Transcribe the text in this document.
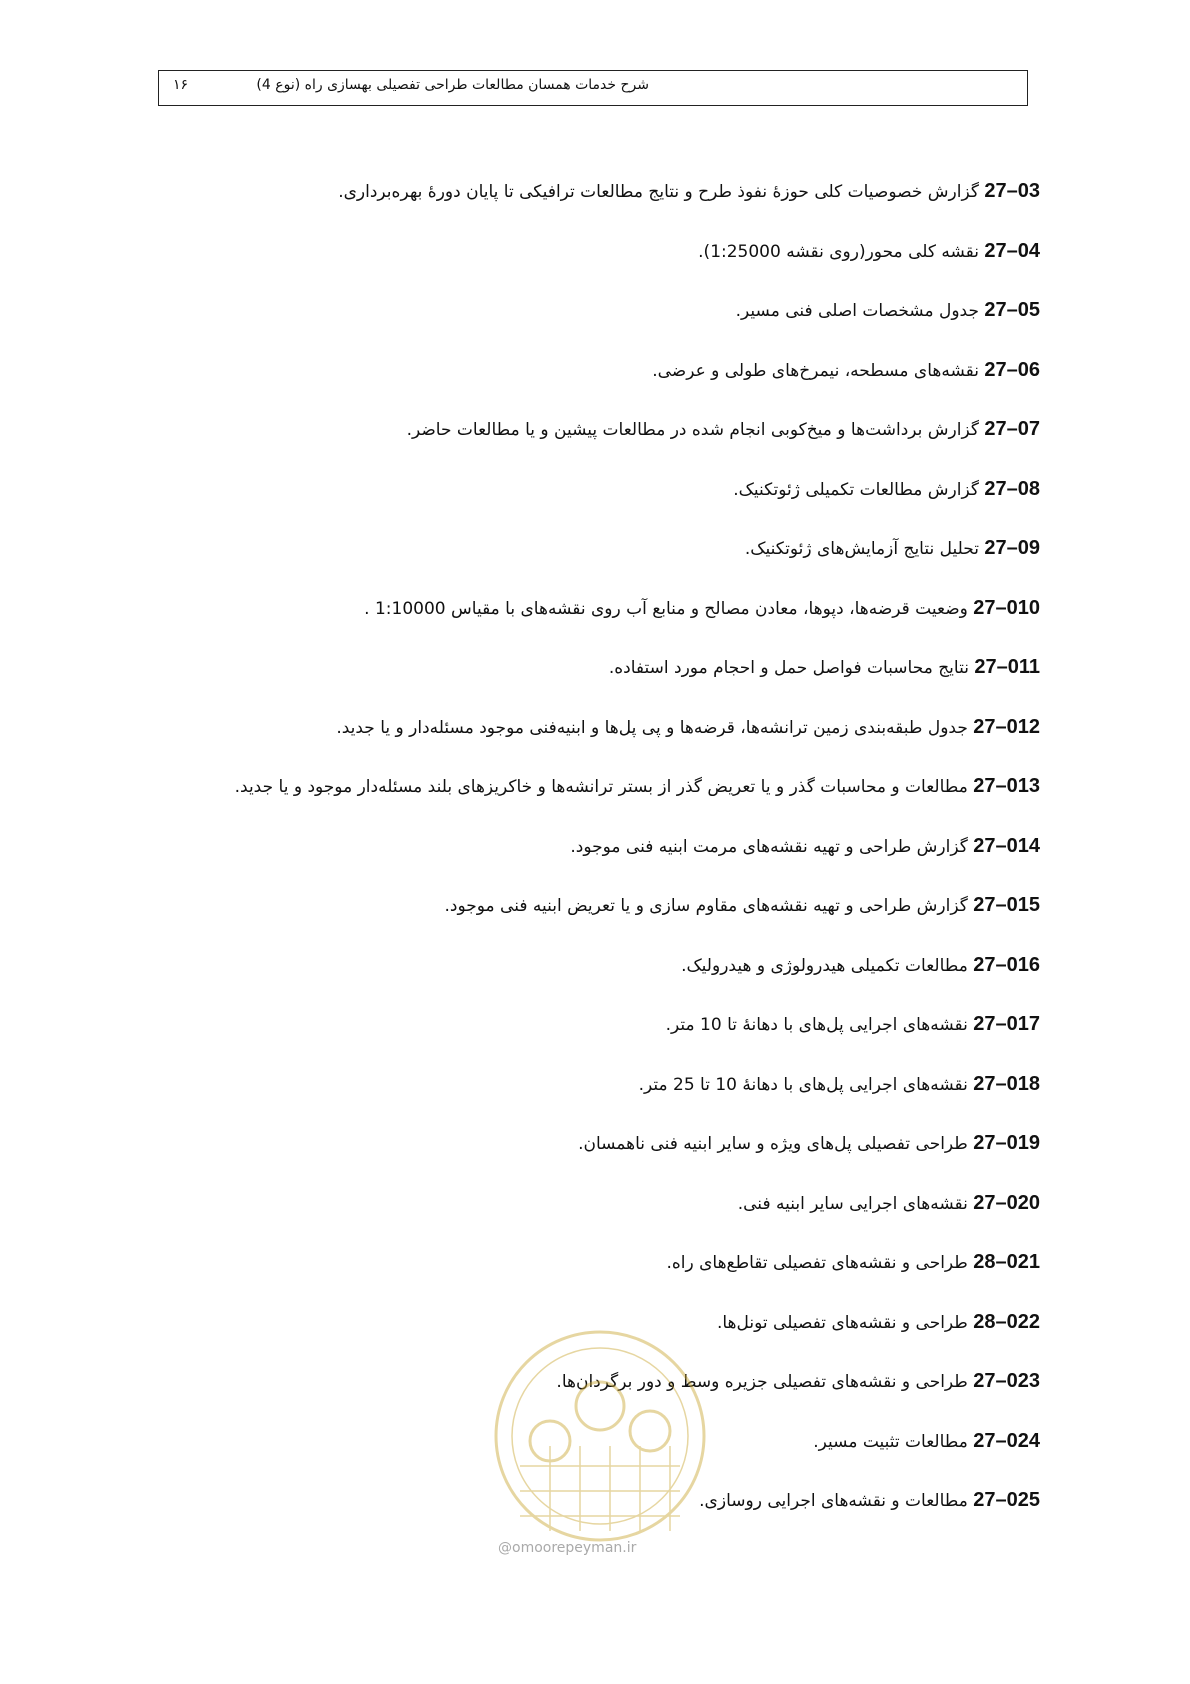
شرح خدمات همسان مطالعات طراحی تفصیلی بهسازی راه (نوع 4)
۱۶
27–03 گزارش خصوصیات کلی حوزهٔ نفوذ طرح و نتایج مطالعات ترافیکی تا پایان دورهٔ بهره‌برداری.
27–04 نقشه کلی محور(روی نقشه 1:25000).
27–05 جدول مشخصات اصلی فنی مسیر.
27–06 نقشه‌های مسطحه، نیمرخ‌های طولی و عرضی.
27–07 گزارش برداشت‌ها و میخ‌کوبی انجام شده در مطالعات پیشین و یا مطالعات حاضر.
27–08 گزارش مطالعات تکمیلی ژئوتکنیک.
27–09 تحلیل نتایج آزمایش‌های ژئوتکنیک.
27–010 وضعیت قرضه‌ها، دپوها، معادن مصالح و منابع آب روی نقشه‌های با مقیاس 1:10000 .
27–011 نتایج محاسبات فواصل حمل و احجام مورد استفاده.
27–012 جدول طبقه‌بندی زمین ترانشه‌ها، قرضه‌ها و پی پل‌ها و ابنیه‌فنی موجود مسئله‌دار و یا جدید.
27–013 مطالعات و محاسبات گذر و یا تعریض گذر از بستر ترانشه‌ها و خاکریزهای بلند مسئله‌دار موجود و یا جدید.
27–014 گزارش طراحی و تهیه نقشه‌های مرمت ابنیه فنی موجود.
27–015 گزارش طراحی و تهیه نقشه‌های مقاوم سازی و یا تعریض ابنیه فنی موجود.
27–016 مطالعات تکمیلی هیدرولوژی و هیدرولیک.
27–017 نقشه‌های اجرایی پل‌های با دهانهٔ تا 10 متر.
27–018 نقشه‌های اجرایی پل‌های با دهانهٔ 10 تا 25 متر.
27–019 طراحی تفصیلی پل‌های ویژه و سایر ابنیه فنی ناهمسان.
27–020 نقشه‌های اجرایی سایر ابنیه فنی.
28–021 طراحی و نقشه‌های تفصیلی تقاطع‌های راه.
28–022 طراحی و نقشه‌های تفصیلی تونل‌ها.
27–023 طراحی و نقشه‌های تفصیلی جزیره وسط و دور برگردان‌ها.
27–024 مطالعات تثبیت مسیر.
27–025 مطالعات و نقشه‌های اجرایی روسازی.
@omoorepeyman.ir
